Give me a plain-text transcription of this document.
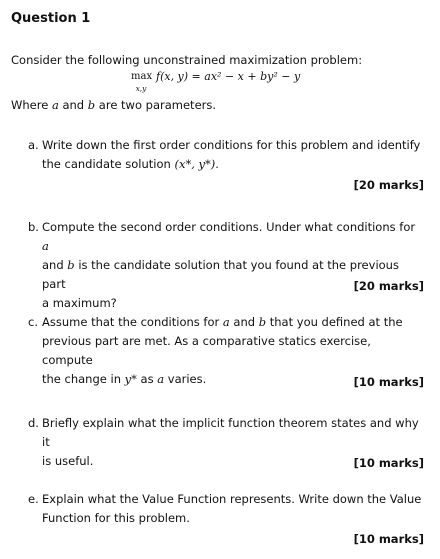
Question 1
Consider the following unconstrained maximization problem:
max
x,y
f(x, y) = ax² − x + by² − y
Where a and b are two parameters.
a. Write down the first order conditions for this problem and identify
the candidate solution (x*, y*).
[20 marks]
b. Compute the second order conditions. Under what conditions for a
and b is the candidate solution that you found at the previous part
a maximum?
[20 marks]
c. Assume that the conditions for a and b that you defined at the
previous part are met. As a comparative statics exercise, compute
the change in y* as a varies.	[10 marks]
d. Briefly explain what the implicit function theorem states and why it
is useful.	[10 marks]
e. Explain what the Value Function represents. Write down the Value
Function for this problem.
[10 marks]
